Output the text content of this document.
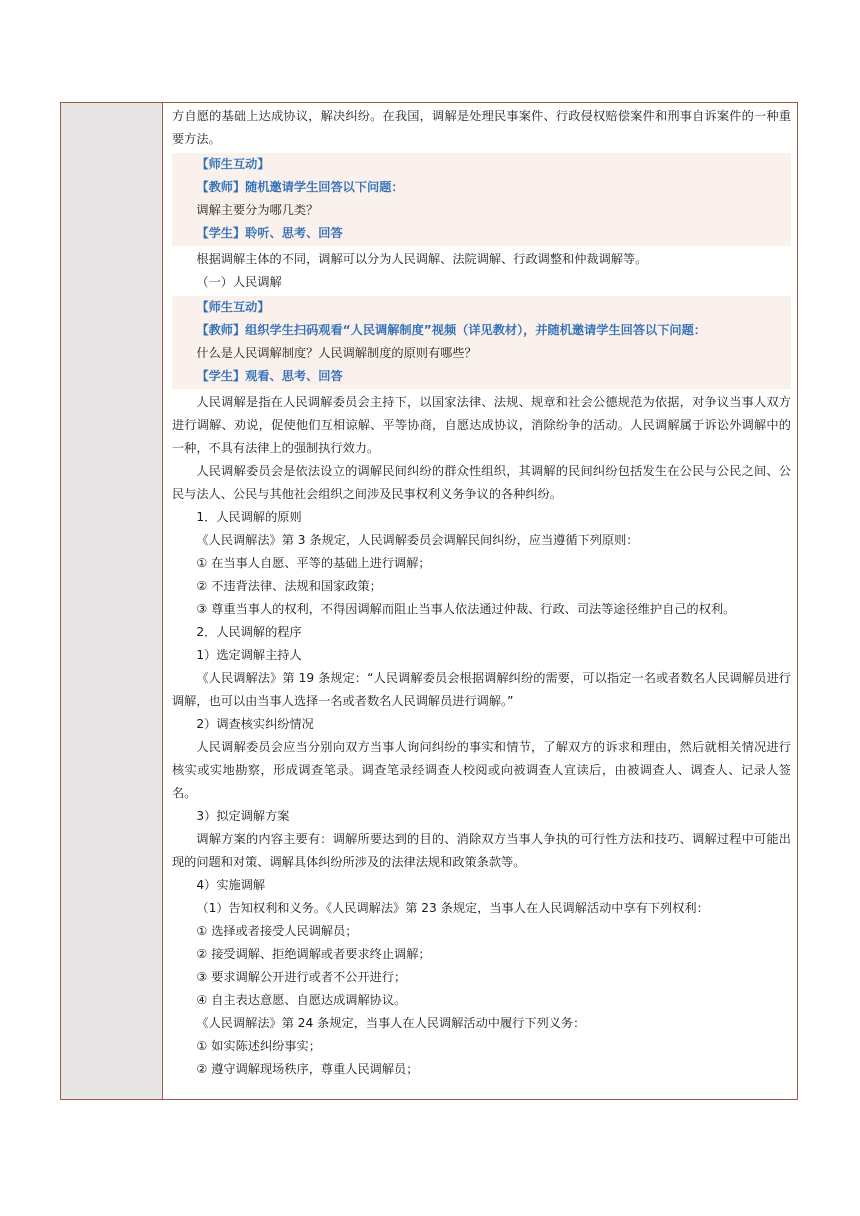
方自愿的基础上达成协议，解决纠纷。在我国，调解是处理民事案件、行政侵权赔偿案件和刑事自诉案件的一种重要方法。

【师生互动】

【教师】随机邀请学生回答以下问题：

调解主要分为哪几类？

【学生】聆听、思考、回答

根据调解主体的不同，调解可以分为人民调解、法院调解、行政调整和仲裁调解等。

（一）人民调解

【师生互动】

【教师】组织学生扫码观看“人民调解制度”视频（详见教材），并随机邀请学生回答以下问题：

什么是人民调解制度？人民调解制度的原则有哪些？

【学生】观看、思考、回答

人民调解是指在人民调解委员会主持下，以国家法律、法规、规章和社会公德规范为依据，对争议当事人双方进行调解、劝说，促使他们互相谅解、平等协商，自愿达成协议，消除纷争的活动。人民调解属于诉讼外调解中的一种，不具有法律上的强制执行效力。

人民调解委员会是依法设立的调解民间纠纷的群众性组织，其调解的民间纠纷包括发生在公民与公民之间、公民与法人、公民与其他社会组织之间涉及民事权利义务争议的各种纠纷。

1．人民调解的原则

《人民调解法》第 3 条规定，人民调解委员会调解民间纠纷，应当遵循下列原则：

① 在当事人自愿、平等的基础上进行调解；

② 不违背法律、法规和国家政策；

③ 尊重当事人的权利，不得因调解而阻止当事人依法通过仲裁、行政、司法等途径维护自己的权利。

2．人民调解的程序

1）选定调解主持人

《人民调解法》第 19 条规定：“人民调解委员会根据调解纠纷的需要，可以指定一名或者数名人民调解员进行调解，也可以由当事人选择一名或者数名人民调解员进行调解。”

2）调查核实纠纷情况

人民调解委员会应当分别向双方当事人询问纠纷的事实和情节，了解双方的诉求和理由，然后就相关情况进行核实或实地勘察，形成调查笔录。调查笔录经调查人校阅或向被调查人宣读后，由被调查人、调查人、记录人签名。

3）拟定调解方案

调解方案的内容主要有：调解所要达到的目的、消除双方当事人争执的可行性方法和技巧、调解过程中可能出现的问题和对策、调解具体纠纷所涉及的法律法规和政策条款等。

4）实施调解

（1）告知权利和义务。《人民调解法》第 23 条规定，当事人在人民调解活动中享有下列权利：

① 选择或者接受人民调解员；

② 接受调解、拒绝调解或者要求终止调解；

③ 要求调解公开进行或者不公开进行；

④ 自主表达意愿、自愿达成调解协议。

《人民调解法》第 24 条规定，当事人在人民调解活动中履行下列义务：

① 如实陈述纠纷事实；

② 遵守调解现场秩序，尊重人民调解员；
